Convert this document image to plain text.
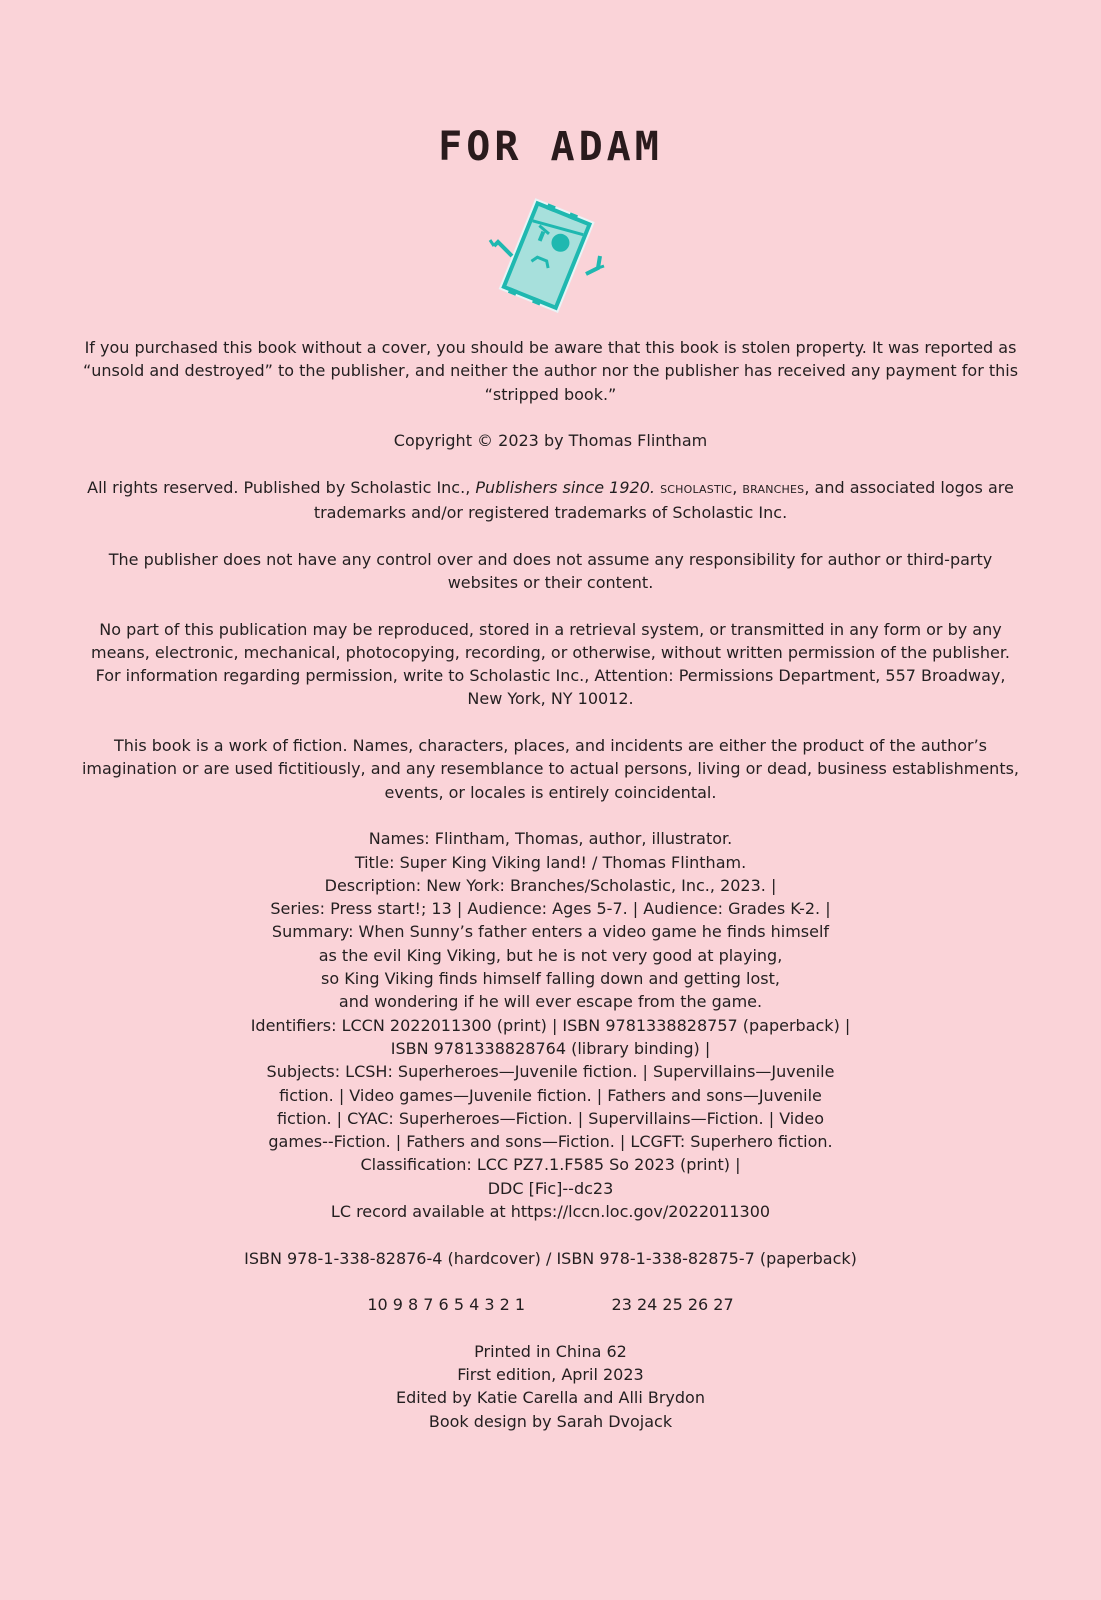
FOR ADAM

If you purchased this book without a cover, you should be aware that this book is stolen property. It was reported as “unsold and destroyed” to the publisher, and neither the author nor the publisher has received any payment for this “stripped book.”

Copyright © 2023 by Thomas Flintham

All rights reserved. Published by Scholastic Inc., Publishers since 1920. SCHOLASTIC, BRANCHES, and associated logos are trademarks and/or registered trademarks of Scholastic Inc.

The publisher does not have any control over and does not assume any responsibility for author or third-party websites or their content.

No part of this publication may be reproduced, stored in a retrieval system, or transmitted in any form or by any means, electronic, mechanical, photocopying, recording, or otherwise, without written permission of the publisher. For information regarding permission, write to Scholastic Inc., Attention: Permissions Department, 557 Broadway, New York, NY 10012.

This book is a work of fiction. Names, characters, places, and incidents are either the product of the author’s imagination or are used fictitiously, and any resemblance to actual persons, living or dead, business establishments, events, or locales is entirely coincidental.

Names: Flintham, Thomas, author, illustrator.
Title: Super King Viking land! / Thomas Flintham.
Description: New York: Branches/Scholastic, Inc., 2023. |
Series: Press start!; 13 | Audience: Ages 5-7. | Audience: Grades K-2. |
Summary: When Sunny’s father enters a video game he finds himself
as the evil King Viking, but he is not very good at playing,
so King Viking finds himself falling down and getting lost,
and wondering if he will ever escape from the game.
Identifiers: LCCN 2022011300 (print) | ISBN 9781338828757 (paperback) |
ISBN 9781338828764 (library binding) |
Subjects: LCSH: Superheroes—Juvenile fiction. | Supervillains—Juvenile
fiction. | Video games—Juvenile fiction. | Fathers and sons—Juvenile
fiction. | CYAC: Superheroes—Fiction. | Supervillains—Fiction. | Video
games--Fiction. | Fathers and sons—Fiction. | LCGFT: Superhero fiction.
Classification: LCC PZ7.1.F585 So 2023 (print) |
DDC [Fic]--dc23
LC record available at https://lccn.loc.gov/2022011300

ISBN 978-1-338-82876-4 (hardcover) / ISBN 978-1-338-82875-7 (paperback)

10 9 8 7 6 5 4 3 2 1                 23 24 25 26 27

Printed in China 62
First edition, April 2023
Edited by Katie Carella and Alli Brydon
Book design by Sarah Dvojack
